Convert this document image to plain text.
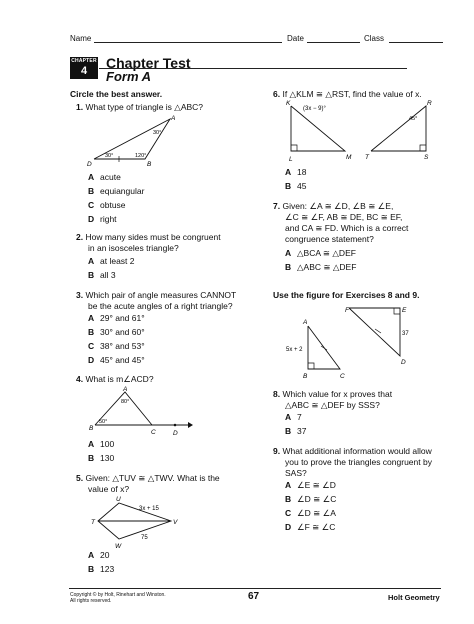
Name	Date	Class
CHAPTER
4	Chapter Test
Form A
Circle the best answer.
1. What type of triangle is △ABC?
A
B
D
30°
30°	120°
A acute
B equiangular
C obtuse
D right
2. How many sides must be congruent
in an isosceles triangle?
A at least 2
B all 3
3. Which pair of angle measures CANNOT
be the acute angles of a right triangle?
A 29° and 61°
B 30° and 60°
C 38° and 53°
D 45° and 45°
4. What is m∠ACD?
A
B
C	D
80°
50°
A 100
B 130
5. Given: △TUV ≅ △TWV. What is the
value of x?
U
T	V
W
3x + 15
75
A 20
B 123
6. If △KLM ≅ △RST, find the value of x.
K
L	M T
R
S
(3x − 9)°
45°
A 18
B 45
7. Given: ∠A ≅ ∠D, ∠B ≅ ∠E,
∠C ≅ ∠F, AB ≅ DE, BC ≅ EF,
and CA ≅ FD. Which is a correct
congruence statement?
A △BCA ≅ △DEF
B △ABC ≅ △DEF
Use the figure for Exercises 8 and 9.
A
B	C
F	E
D
5x + 2
37
8. Which value for x proves that
△ABC ≅ △DEF by SSS?
A 7
B 37
9. What additional information would allow
you to prove the triangles congruent by
SAS?
A ∠E ≅ ∠D
B ∠D ≅ ∠C
C ∠D ≅ ∠A
D ∠F ≅ ∠C
Copyright © by Holt, Rinehart and Winston.
All rights reserved.	67	Holt Geometry
